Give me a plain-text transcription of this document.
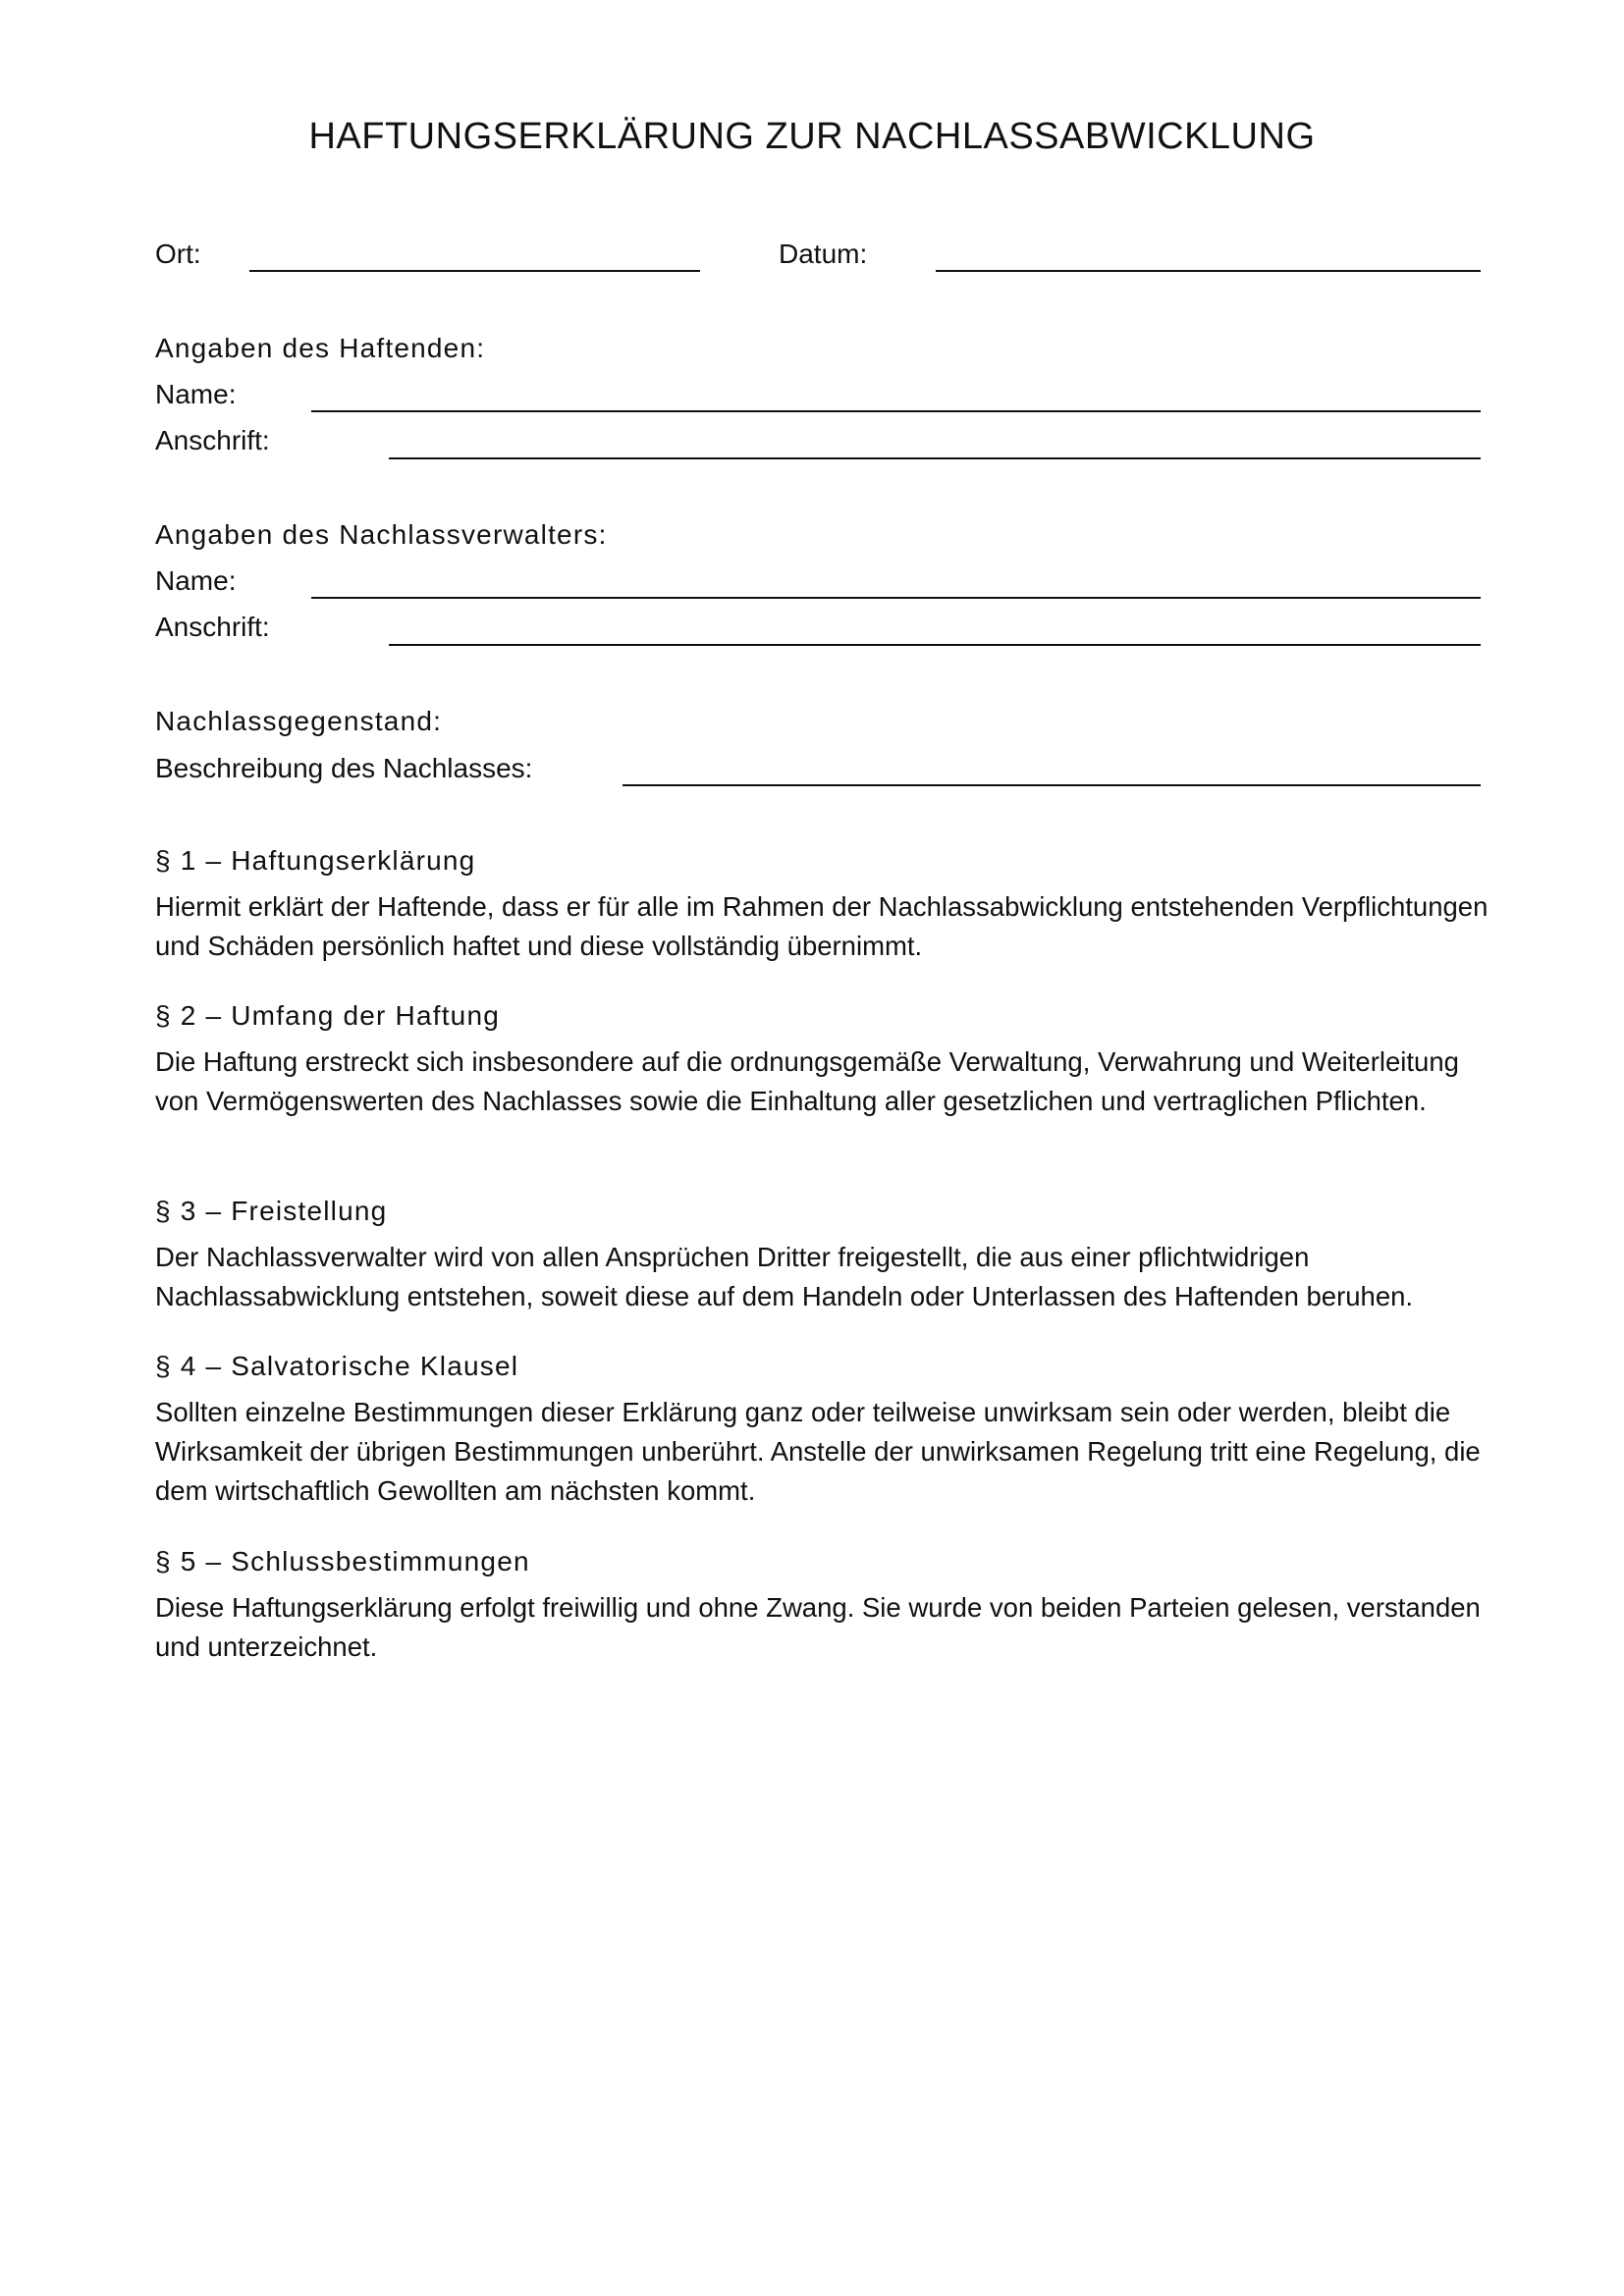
HAFTUNGSERKLÄRUNG ZUR NACHLASSABWICKLUNG
Ort:	Datum:
Angaben des Haftenden:
Name:
Anschrift:
Angaben des Nachlassverwalters:
Name:
Anschrift:
Nachlassgegenstand:
Beschreibung des Nachlasses:
§ 1 – Haftungserklärung
Hiermit erklärt der Haftende, dass er für alle im Rahmen der Nachlassabwicklung entstehenden Verpflichtungen und Schäden persönlich haftet und diese vollständig übernimmt.
§ 2 – Umfang der Haftung
Die Haftung erstreckt sich insbesondere auf die ordnungsgemäße Verwaltung, Verwahrung und Weiterleitung von Vermögenswerten des Nachlasses sowie die Einhaltung aller gesetzlichen und vertraglichen Pflichten.
§ 3 – Freistellung
Der Nachlassverwalter wird von allen Ansprüchen Dritter freigestellt, die aus einer pflichtwidrigen Nachlassabwicklung entstehen, soweit diese auf dem Handeln oder Unterlassen des Haftenden beruhen.
§ 4 – Salvatorische Klausel
Sollten einzelne Bestimmungen dieser Erklärung ganz oder teilweise unwirksam sein oder werden, bleibt die Wirksamkeit der übrigen Bestimmungen unberührt. Anstelle der unwirksamen Regelung tritt eine Regelung, die dem wirtschaftlich Gewollten am nächsten kommt.
§ 5 – Schlussbestimmungen
Diese Haftungserklärung erfolgt freiwillig und ohne Zwang. Sie wurde von beiden Parteien gelesen, verstanden und unterzeichnet.
